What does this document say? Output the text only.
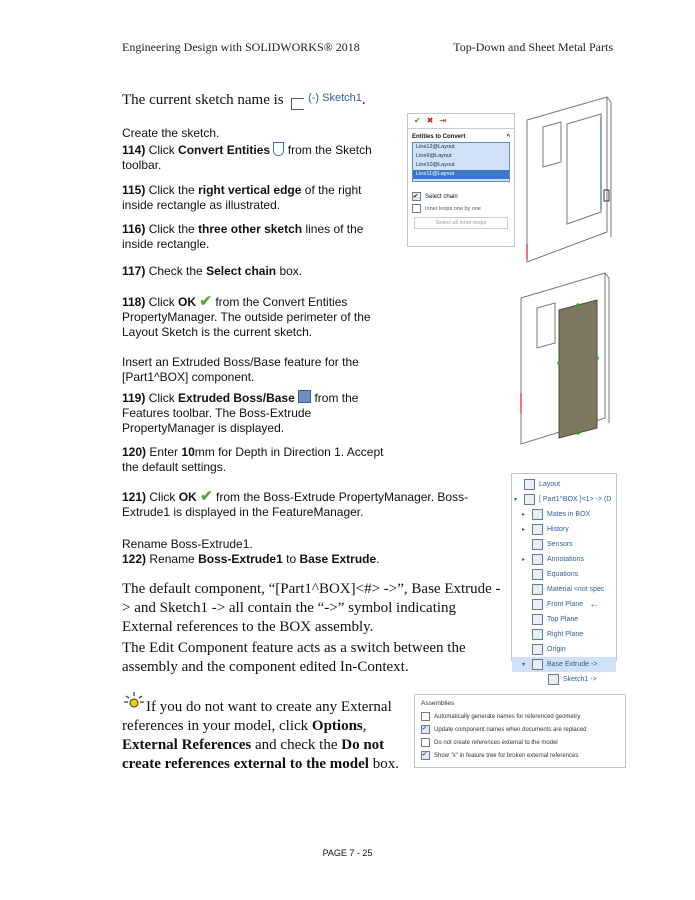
Engineering Design with SOLIDWORKS® 2018	Top-Down and Sheet Metal Parts
The current sketch name is $^{(-) Sketch1}$.
Create the sketch.
114) Click Convert Entities  from the Sketch toolbar.
115) Click the right vertical edge of the right inside rectangle as illustrated.
116) Click the three other sketch lines of the inside rectangle.
117) Check the Select chain box.
118) Click OK ✔ from the Convert Entities PropertyManager. The outside perimeter of the Layout Sketch is the current sketch.
Insert an Extruded Boss/Base feature for the [Part1^BOX] component.
119) Click Extruded Boss/Base  from the Features toolbar. The Boss-Extrude PropertyManager is displayed.
120) Enter 10mm for Depth in Direction 1. Accept the default settings.
121) Click OK ✔ from the Boss-Extrude PropertyManager. Boss-Extrude1 is displayed in the FeatureManager.
Rename Boss-Extrude1.
122) Rename Boss-Extrude1 to Base Extrude.
The default component, “[Part1^BOX]<#> ->”, Base Extrude -> and Sketch1 -> all contain the “->” symbol indicating External references to the BOX assembly.
The Edit Component feature acts as a switch between the assembly and the component edited In-Context.
If you do not want to create any External references in your model, click Options, External References and check the Do not create references external to the model box.
✔ ✖ ⇥
Entities to Convert	^
Line12@Layout
Line9@Layout
Line10@Layout
Line11@Layout
✔	Select chain
Inner loops one by one
Select all inner loops
Layout
▾	[ Part1^BOX ]<1> -> (D
▸	Mates in BOX
▸	History
Sensors
▸	Annotations
Equations
Material <not spec
Front Plane ←
Top Plane
Right Plane
Origin
▾	Base Extrude ->
Sketch1 ->
Assemblies
Automatically generate names for referenced geometry
✔	Update component names when documents are replaced
Do not create references external to the model
✔	Show "x" in feature tree for broken external references
PAGE 7 - 25
